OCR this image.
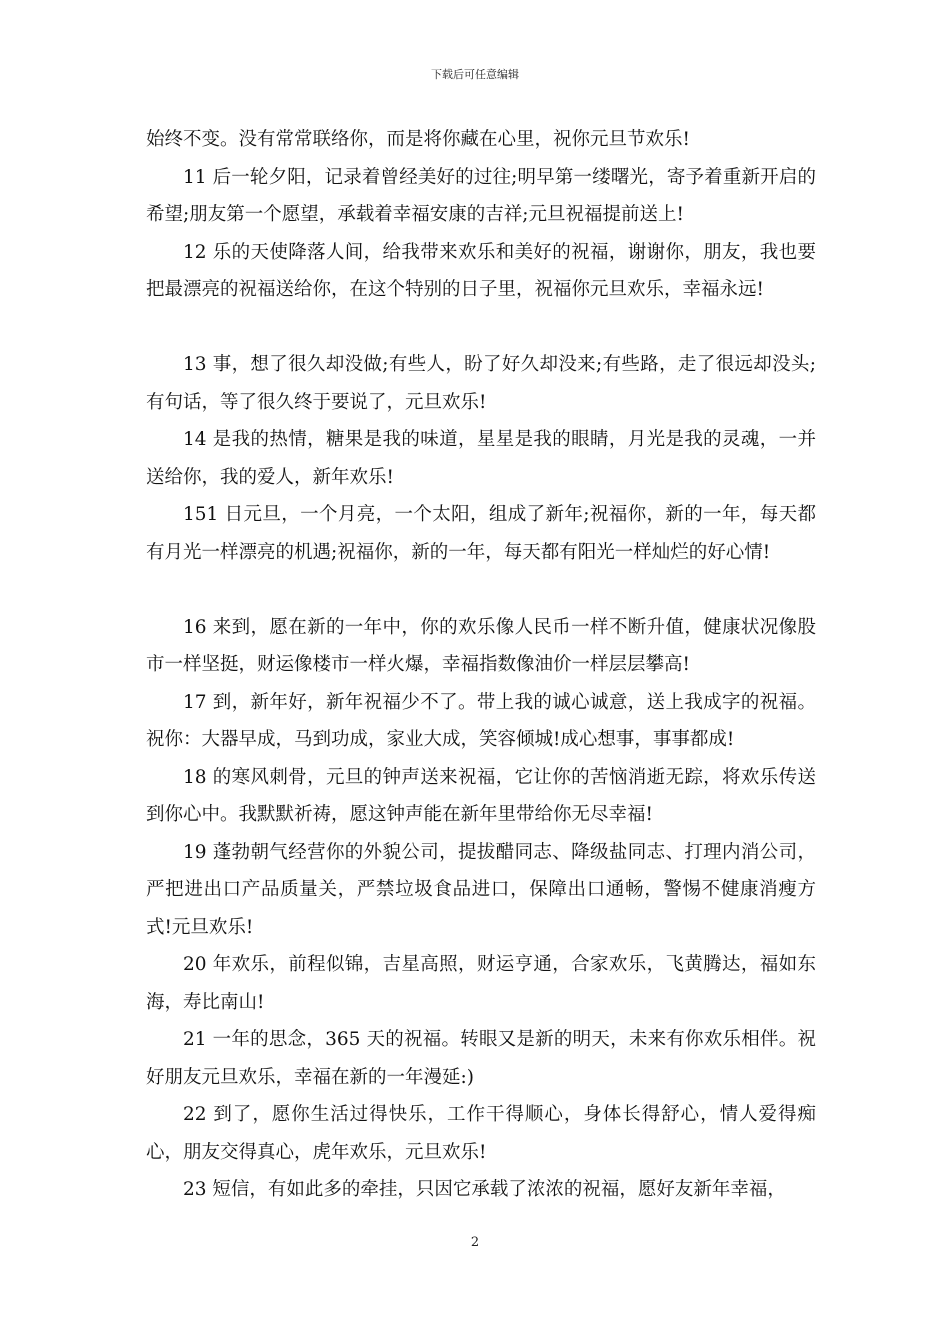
下载后可任意编辑

始终不变。没有常常联络你，而是将你藏在心里，祝你元旦节欢乐!

11 后一轮夕阳，记录着曾经美好的过往;明早第一缕曙光，寄予着重新开启的希望;朋友第一个愿望，承载着幸福安康的吉祥;元旦祝福提前送上!

12 乐的天使降落人间，给我带来欢乐和美好的祝福，谢谢你，朋友，我也要把最漂亮的祝福送给你，在这个特别的日子里，祝福你元旦欢乐，幸福永远!

13 事，想了很久却没做;有些人，盼了好久却没来;有些路，走了很远却没头;有句话，等了很久终于要说了，元旦欢乐!

14 是我的热情，糖果是我的味道，星星是我的眼睛，月光是我的灵魂，一并送给你，我的爱人，新年欢乐!

151 日元旦，一个月亮，一个太阳，组成了新年;祝福你，新的一年，每天都有月光一样漂亮的机遇;祝福你，新的一年，每天都有阳光一样灿烂的好心情!

16 来到，愿在新的一年中，你的欢乐像人民币一样不断升值，健康状况像股市一样坚挺，财运像楼市一样火爆，幸福指数像油价一样层层攀高!

17 到，新年好，新年祝福少不了。带上我的诚心诚意，送上我成字的祝福。祝你：大器早成，马到功成，家业大成，笑容倾城!成心想事，事事都成!

18 的寒风刺骨，元旦的钟声送来祝福，它让你的苦恼消逝无踪，将欢乐传送到你心中。我默默祈祷，愿这钟声能在新年里带给你无尽幸福!

19 蓬勃朝气经营你的外貌公司，提拔醋同志、降级盐同志、打理内消公司，严把进出口产品质量关，严禁垃圾食品进口，保障出口通畅，警惕不健康消瘦方式!元旦欢乐!

20 年欢乐，前程似锦，吉星高照，财运亨通，合家欢乐，飞黄腾达，福如东海，寿比南山!

21 一年的思念，365 天的祝福。转眼又是新的明天，未来有你欢乐相伴。祝好朋友元旦欢乐，幸福在新的一年漫延:)

22 到了，愿你生活过得快乐，工作干得顺心，身体长得舒心，情人爱得痴心，朋友交得真心，虎年欢乐，元旦欢乐!

23 短信，有如此多的牵挂，只因它承载了浓浓的祝福，愿好友新年幸福，

2
